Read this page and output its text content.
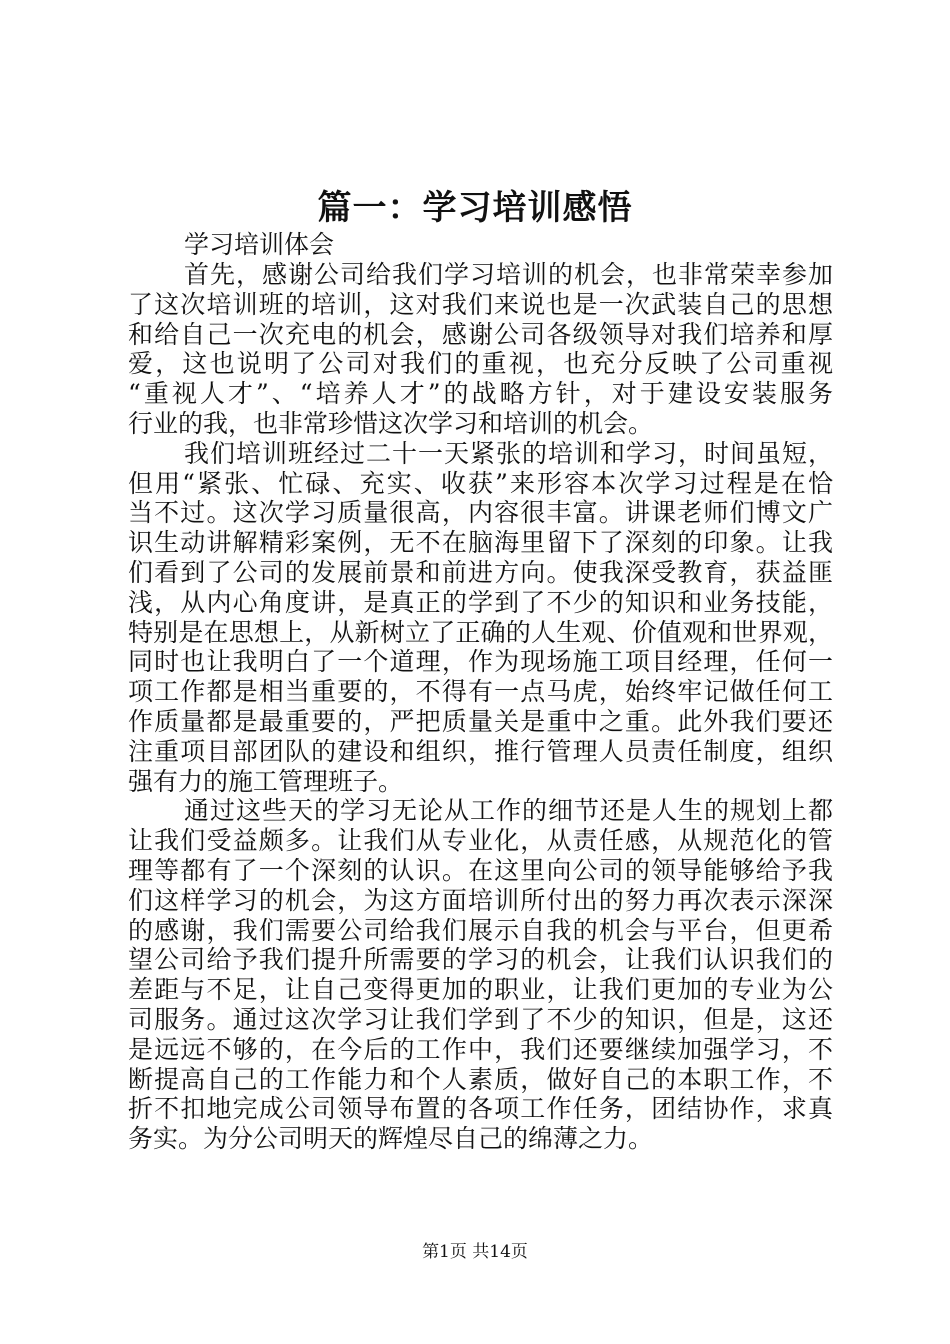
篇一：学习培训感悟

学习培训体会

首先，感谢公司给我们学习培训的机会，也非常荣幸参加
了这次培训班的培训，这对我们来说也是一次武装自己的思想
和给自己一次充电的机会，感谢公司各级领导对我们培养和厚
爱，这也说明了公司对我们的重视，也充分反映了公司重视
“重视人才”、“培养人才”的战略方针，对于建设安装服务
行业的我，也非常珍惜这次学习和培训的机会。
我们培训班经过二十一天紧张的培训和学习，时间虽短，
但用“紧张、忙碌、充实、收获”来形容本次学习过程是在恰
当不过。这次学习质量很高，内容很丰富。讲课老师们博文广
识生动讲解精彩案例，无不在脑海里留下了深刻的印象。让我
们看到了公司的发展前景和前进方向。使我深受教育，获益匪
浅，从内心角度讲，是真正的学到了不少的知识和业务技能，
特别是在思想上，从新树立了正确的人生观、价值观和世界观，
同时也让我明白了一个道理，作为现场施工项目经理，任何一
项工作都是相当重要的，不得有一点马虎，始终牢记做任何工
作质量都是最重要的，严把质量关是重中之重。此外我们要还
注重项目部团队的建设和组织，推行管理人员责任制度，组织
强有力的施工管理班子。
通过这些天的学习无论从工作的细节还是人生的规划上都
让我们受益颇多。让我们从专业化，从责任感，从规范化的管
理等都有了一个深刻的认识。在这里向公司的领导能够给予我
们这样学习的机会，为这方面培训所付出的努力再次表示深深
的感谢，我们需要公司给我们展示自我的机会与平台，但更希
望公司给予我们提升所需要的学习的机会，让我们认识我们的
差距与不足，让自己变得更加的职业，让我们更加的专业为公
司服务。通过这次学习让我们学到了不少的知识，但是，这还
是远远不够的，在今后的工作中，我们还要继续加强学习，不
断提高自己的工作能力和个人素质，做好自己的本职工作，不
折不扣地完成公司领导布置的各项工作任务，团结协作，求真
务实。为分公司明天的辉煌尽自己的绵薄之力。
第1页 共14页
